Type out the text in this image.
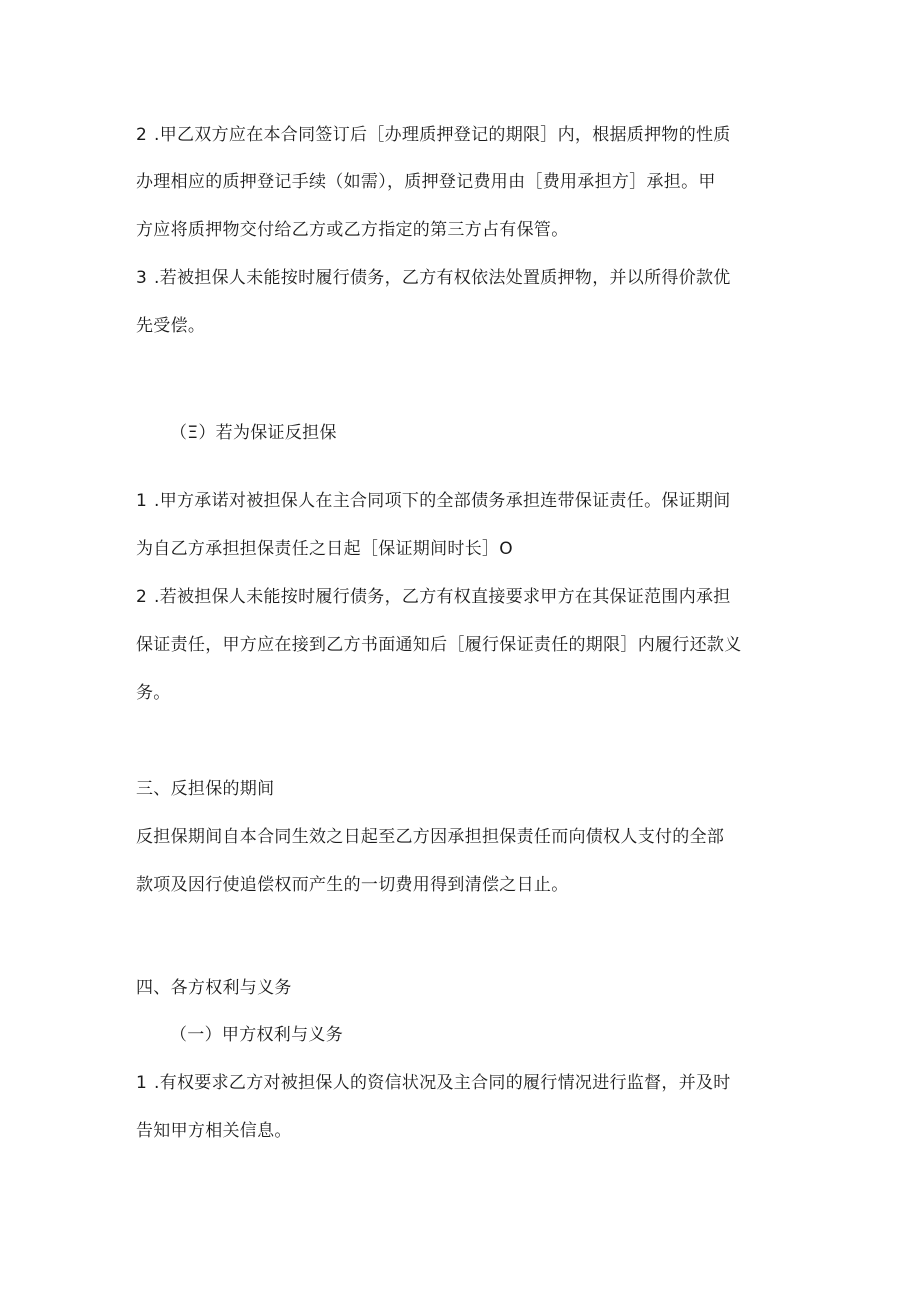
2 .甲乙双方应在本合同签订后［办理质押登记的期限］内，根据质押物的性质
办理相应的质押登记手续（如需），质押登记费用由［费用承担方］承担。甲
方应将质押物交付给乙方或乙方指定的第三方占有保管。
3 .若被担保人未能按时履行债务，乙方有权依法处置质押物，并以所得价款优
先受偿。
（Ξ）若为保证反担保
1 .甲方承诺对被担保人在主合同项下的全部债务承担连带保证责任。保证期间
为自乙方承担担保责任之日起［保证期间时长］O
2 .若被担保人未能按时履行债务，乙方有权直接要求甲方在其保证范围内承担
保证责任，甲方应在接到乙方书面通知后［履行保证责任的期限］内履行还款义
务。
三、反担保的期间
反担保期间自本合同生效之日起至乙方因承担担保责任而向债权人支付的全部
款项及因行使追偿权而产生的一切费用得到清偿之日止。
四、各方权利与义务
（一）甲方权利与义务
1 .有权要求乙方对被担保人的资信状况及主合同的履行情况进行监督，并及时
告知甲方相关信息。
